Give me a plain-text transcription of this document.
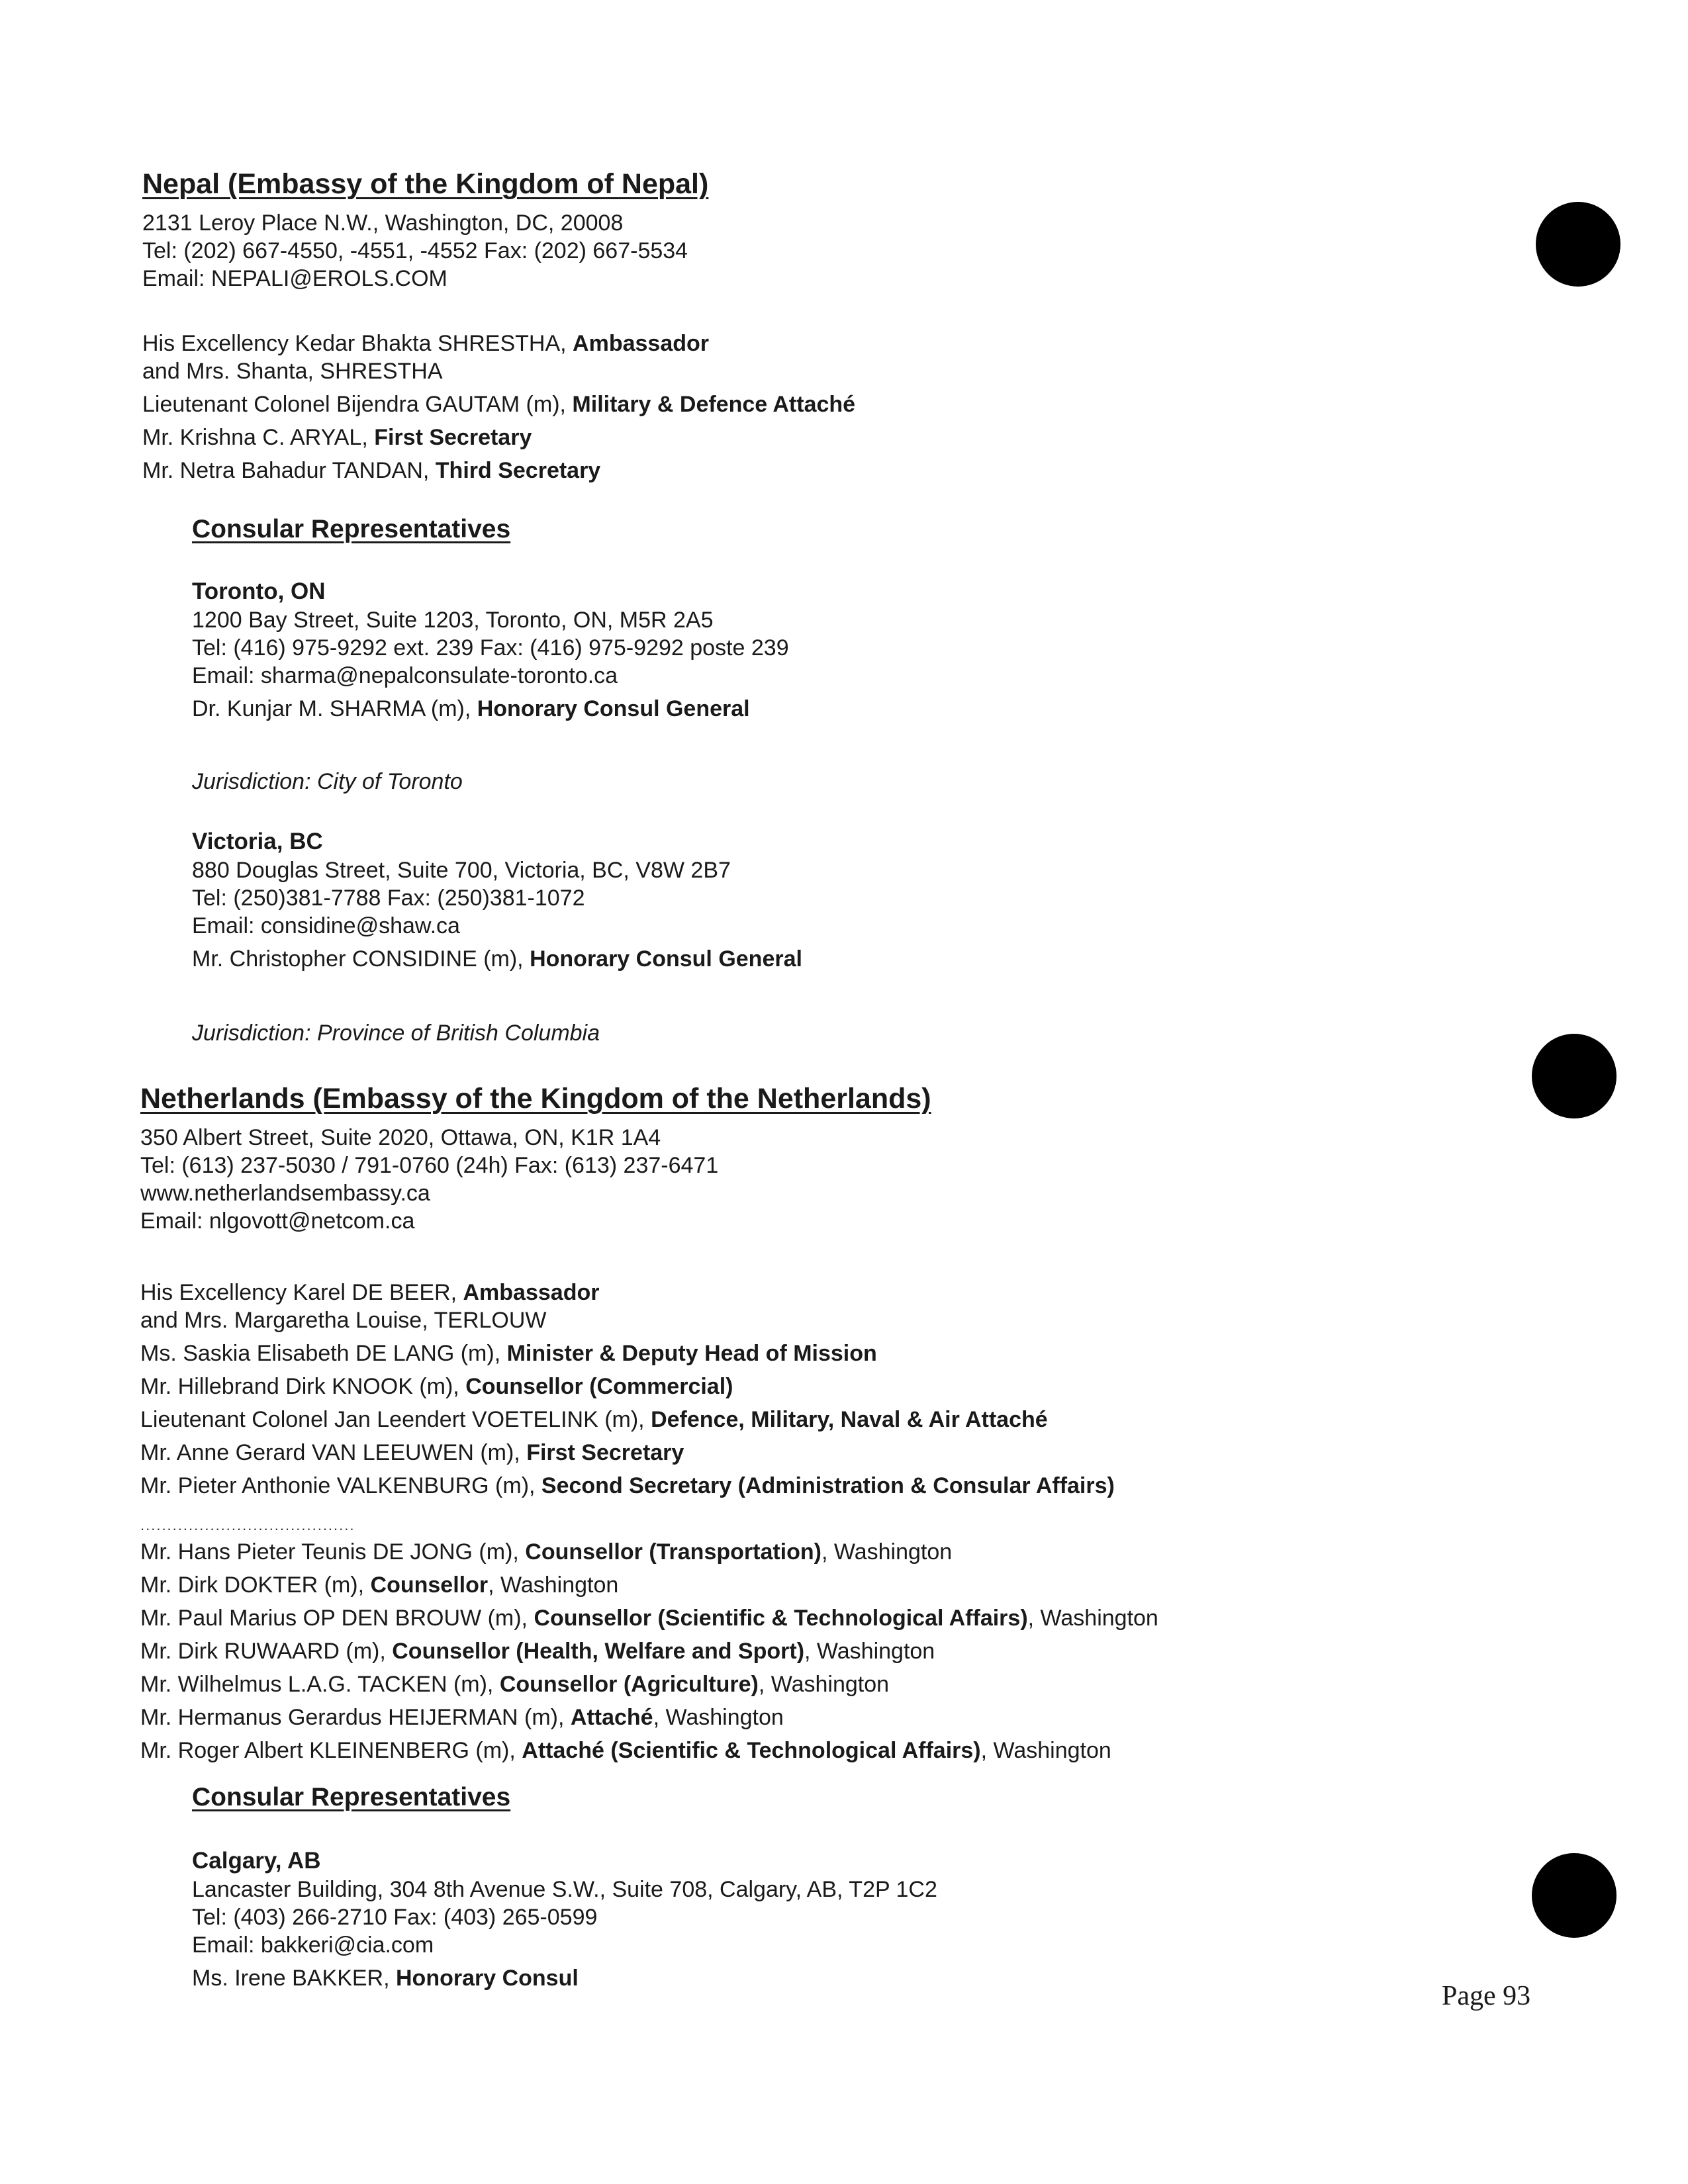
Nepal (Embassy of the Kingdom of Nepal)
2131 Leroy Place N.W., Washington, DC, 20008
Tel: (202) 667-4550, -4551, -4552 Fax: (202) 667-5534
Email: NEPALI@EROLS.COM
His Excellency Kedar Bhakta SHRESTHA, Ambassador
and Mrs. Shanta, SHRESTHA
Lieutenant Colonel Bijendra GAUTAM (m), Military & Defence Attaché
Mr. Krishna C. ARYAL, First Secretary
Mr. Netra Bahadur TANDAN, Third Secretary
Consular Representatives
Toronto, ON
1200 Bay Street, Suite 1203, Toronto, ON, M5R 2A5
Tel: (416) 975-9292 ext. 239 Fax: (416) 975-9292 poste 239
Email: sharma@nepalconsulate-toronto.ca
Dr. Kunjar M. SHARMA (m), Honorary Consul General
Jurisdiction: City of Toronto
Victoria, BC
880 Douglas Street, Suite 700, Victoria, BC, V8W 2B7
Tel: (250)381-7788 Fax: (250)381-1072
Email: considine@shaw.ca
Mr. Christopher CONSIDINE (m), Honorary Consul General
Jurisdiction: Province of British Columbia
Netherlands (Embassy of the Kingdom of the Netherlands)
350 Albert Street, Suite 2020, Ottawa, ON, K1R 1A4
Tel: (613) 237-5030 / 791-0760 (24h) Fax: (613) 237-6471
www.netherlandsembassy.ca
Email: nlgovott@netcom.ca
His Excellency Karel DE BEER, Ambassador
and Mrs. Margaretha Louise, TERLOUW
Ms. Saskia Elisabeth DE LANG (m), Minister & Deputy Head of Mission
Mr. Hillebrand Dirk KNOOK (m), Counsellor (Commercial)
Lieutenant Colonel Jan Leendert VOETELINK (m), Defence, Military, Naval & Air Attaché
Mr. Anne Gerard VAN LEEUWEN (m), First Secretary
Mr. Pieter Anthonie VALKENBURG (m), Second Secretary (Administration & Consular Affairs)
........................................
Mr. Hans Pieter Teunis DE JONG (m), Counsellor (Transportation), Washington
Mr. Dirk DOKTER (m), Counsellor, Washington
Mr. Paul Marius OP DEN BROUW (m), Counsellor (Scientific & Technological Affairs), Washington
Mr. Dirk RUWAARD (m), Counsellor (Health, Welfare and Sport), Washington
Mr. Wilhelmus L.A.G. TACKEN (m), Counsellor (Agriculture), Washington
Mr. Hermanus Gerardus HEIJERMAN (m), Attaché, Washington
Mr. Roger Albert KLEINENBERG (m), Attaché (Scientific & Technological Affairs), Washington
Consular Representatives
Calgary, AB
Lancaster Building, 304 8th Avenue S.W., Suite 708, Calgary, AB, T2P 1C2
Tel: (403) 266-2710 Fax: (403) 265-0599
Email: bakkeri@cia.com
Ms. Irene BAKKER, Honorary Consul
Page 93
